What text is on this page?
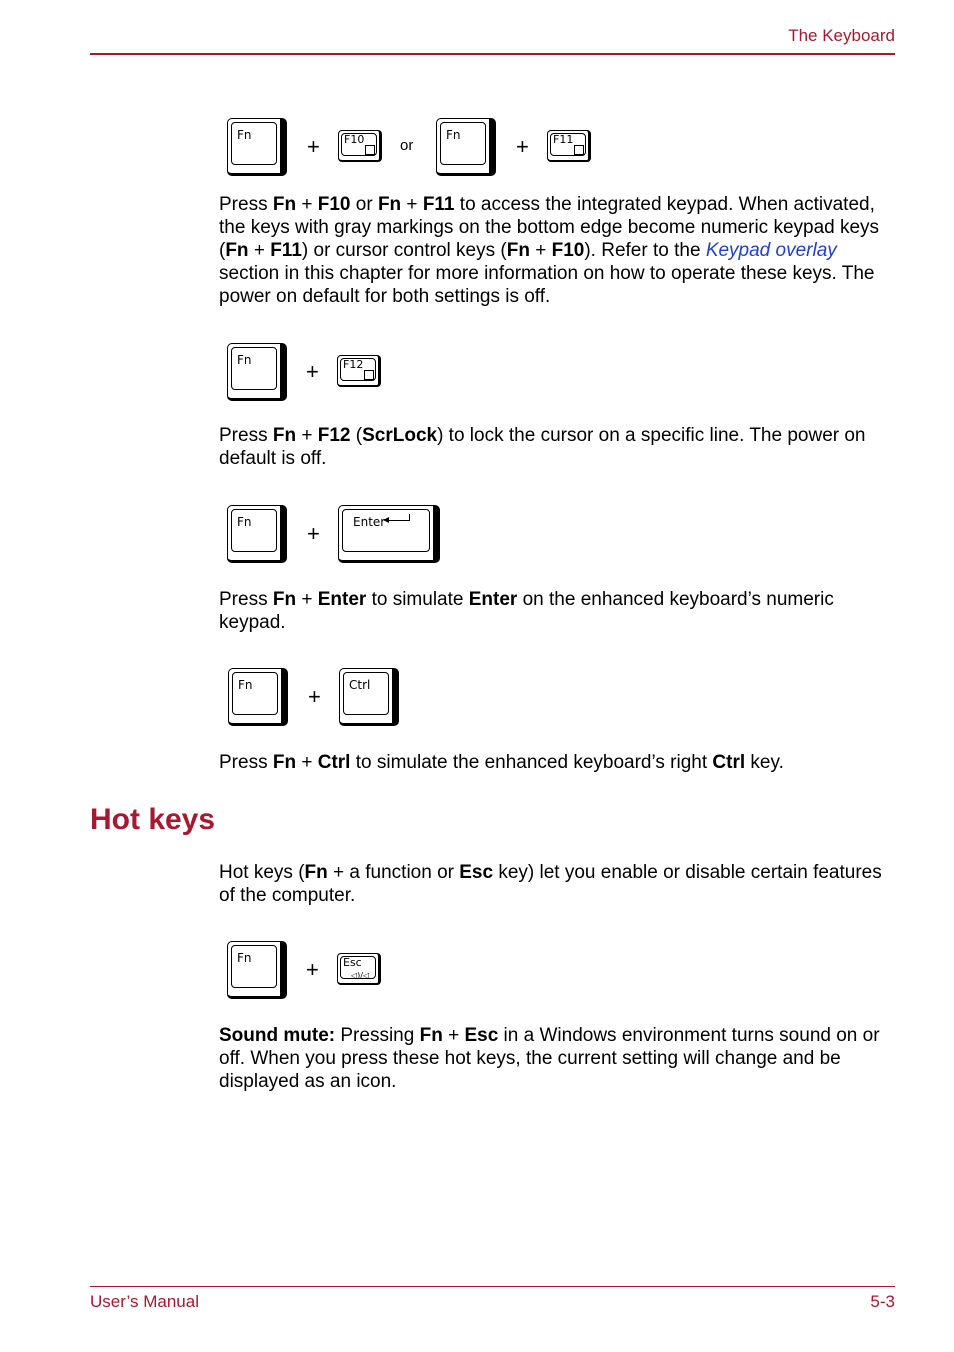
The Keyboard
Fn	+ F10 or
Fn	+ F11

Press Fn + F10 or Fn + F11 to access the integrated keypad. When activated, the keys with gray markings on the bottom edge become numeric keypad keys (Fn + F11) or cursor control keys (Fn + F10). Refer to the Keypad overlay section in this chapter for more information on how to operate these keys. The power on default for both settings is off.

Fn + F12

Press Fn + F12 (ScrLock) to lock the cursor on a specific line. The power on default is off.

Fn	+	Enter

Press Fn + Enter to simulate Enter on the enhanced keyboard’s numeric keypad.

Fn	+ Ctrl

Press Fn + Ctrl to simulate the enhanced keyboard’s right Ctrl key.

Hot keys

Hot keys (Fn + a function or Esc key) let you enable or disable certain features of the computer.

Fn + Esc
◁)/◁

Sound mute: Pressing Fn + Esc in a Windows environment turns sound on or off. When you press these hot keys, the current setting will change and be displayed as an icon.

User’s Manual	5-3
